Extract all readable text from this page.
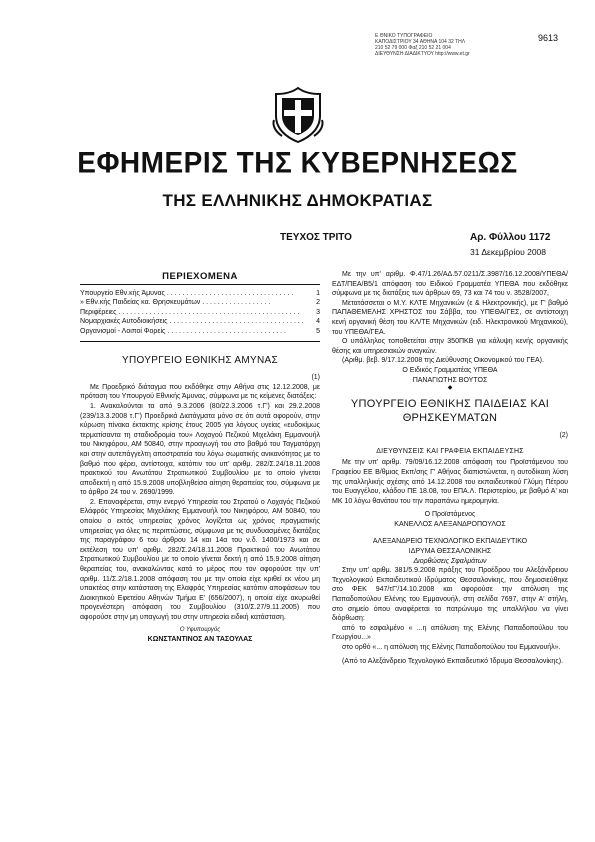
Ε ΘΝΙΚΟ ΤΥΠΟΓΡΑΦΕΙΟ ΚΑΠΟΔΙΣΤΡΙΟΥ 34 ΑΘΗΝΑ 104 32 ΤΗΛ 210 52 79 000 Φαξ 210 52 21 004 ΔΙΕΥΘΥΝΣΗ ΔΙΑΔΙΚΤΥΟΥ http://www.et.gr
9613
ΕΦΗΜΕΡΙΣ ΤΗΣ ΚΥΒΕΡΝΗΣΕΩΣ
ΤΗΣ ΕΛΛΗΝΙΚΗΣ ΔΗΜΟΚΡΑΤΙΑΣ
ΤΕΥΧΟΣ ΤΡΙΤΟ	Αρ. Φύλλου 1172
31 Δεκεμβρίου 2008
ΠΕΡΙΕΧΟΜΕΝΑ
Υπουργείο Εθν.κής Άμυνας . . . . . . . . . . . . . . . . . . . . . . . . . . . . . . . . .	1
» Εθν.κής Παιδείας κα. Θρησκευμάτων . . . . . . . . . . . . . . . . . .	2
Περιφέρειες . . . . . . . . . . . . . . . . . . . . . . . . . . . . . . . . . . . . . . . . . . . . . . .	3
Νομαρχιακές Αυτοδιοικήσεις . . . . . . . . . . . . . . . . . . . . . . . . . . . . . . . . . . .	4
Οργανισμοί - Λοιποί Φορείς . . . . . . . . . . . . . . . . . . . . . . . . . . . . . . .	5
ΥΠΟΥΡΓΕΙΟ ΕΘΝΙΚΗΣ ΑΜΥΝΑΣ
(1)

Με Προεδρικό διάταγμα που εκδόθηκε στην Αθήνα στις 12.12.2008, με πρόταση του Υπουργού Εθνικής Άμυνας, σύμφωνα με τις κείμενες διατάξεις:

1. Ανακαλούνται τα από 9.3.2006 (80/22.3.2006 τ.Γ') και 29.2.2008 (239/13.3.2008 τ.Γ') Προεδρικά Διατάγματα μόνο σε ότι αυτά αφορούν, στην κύρωση πίνακα έκτακτης κρίσης έτους 2005 για λόγους υγείας «ευδοκίμως τερματίσαντα τη σταδιοδρομία του» Λοχαγού Πεζικού Μιχελάκη Εμμανουήλ του Νικηφόρου, ΑΜ 50840, στην προαγωγή του στο βαθμό του Ταγματάρχη και στην αυτεπάγγελτη αποστρατεία του λόγω σωματικής ανικανότητας με το βαθμό που φέρει, αντίστοιχα, κατόπιν του υπ' αριθμ. 282/Σ.24/18.11.2008 πρακτικού του Ανωτάτου Στρατιωτικού Συμβουλίου με το οποίο γίνεται αποδεκτή η από 15.9.2008 υποβληθείσα αίτηση θεραπείας του, σύμφωνα με το άρθρο 24 του ν. 2690/1999.

2. Επαναφέρεται, στην ενεργό Υπηρεσία του Στρατού ο Λοχαγός Πεζικού Ελάφρός Υπηρεσίας Μιχελάκης Εμμανουήλ του Νικηφόρου, ΑΜ 50840, του οποίου ο εκτός υπηρεσίας χρόνος λογίζεται ως χρόνος πραγματικής υπηρεσίας για όλες τις περιπτώσεις, σύμφωνα με τις συνδυασμένες διατάξεις της παραγράφου 6 του άρθρου 14 και 14α του ν.δ. 1400/1973 και σε εκτέλεση του υπ' αριθμ. 282/Σ.24/18.11.2008 Πρακτικού του Ανωτάτου Στρατιωτικού Συμβουλίου με το οποίο γίνεται δεκτή η από 15.9.2008 αίτηση θεραπείας του, ανακαλώντας κατά το μέρος που τον αφορούσε την υπ' αριθμ. 11/Σ.2/18.1.2008 απόφαση του με την οποία είχε κριθεί εκ νέου μη υπακτέος στην κατάσταση της Ελαφράς Υπηρεσίας κατόπιν αποφάσεων του Διοικητικού Εφετείου Αθηνών Τμήμα Ε' (656/2007), η οποία είχε ακυρωθεί προγενέστερη απόφαση του Συμβουλίου (310/Σ.27/9.11.2005) που αφορούσε στην μη υπαγωγή του στην υπηρεσία ειδική κατάσταση.

Ο Υφυπουργός
ΚΩΝΣΤΑΝΤΙΝΟΣ ΑΝ ΤΑΣΟΥΛΑΣ

Με την υπ' αριθμ. Φ.47/1.26/ΑΔ.57.0211/Σ.3987/16.12.2008/ΥΠΕΘΑ/ΕΔΤ/ΠΕΑ/Β5/1 απόφαση του Ειδικού Γραμματέα ΥΠΕΘΑ που εκδόθηκε σύμφωνα με τις διατάξεις των άρθρων 69, 73 και 74 του ν. 3528/2007,

Μετατάσσεται ο Μ.Υ. ΚΛΤΕ Μηχανικών (ε & Ηλεκτρονικής), με Γ' βαθμό ΠΑΠΑΘΕΜΕΛΗΣ ΧΡΗΣΤΟΣ του Σάββα, του ΥΠΕΘΑ/ΓΕΣ, σε αντίστοιχη κενή οργανική θέση του ΚΛ/ΤΕ Μηχανικών (ειδ. Ηλεκτρονικού Μηχανικού), του ΥΠΕΘΑ/ΓΕΑ.

Ο υπάλληλος τοποθετείται στην 350ΠΚΒ για κάλυψη κενής οργανικής θέσης και υπηρεσιακών αναγκών.

(Αριθμ. βεβ. 9/17.12.2008 της Διεύθυνσης Οικονομικού του ΓΕΑ).

Ο Ειδικός Γραμματέας ΥΠΕΘΑ
ΠΑΝΑΓΙΩΤΗΣ ΒΟΥΤΟΣ
◆
ΥΠΟΥΡΓΕΙΟ ΕΘΝΙΚΗΣ ΠΑΙΔΕΙΑΣ ΚΑΙ ΘΡΗΣΚΕΥΜΑΤΩΝ
(2)
ΔΙΕΥΘΥΝΣΕΙΣ ΚΑΙ ΓΡΑΦΕΙΑ ΕΚΠΑΙΔΕΥΣΗΣ

Με την υπ' αριθμ. 79/09/16.12.2008 απόφαση του Προϊστάμενου του Γραφείου ΕΕ Β/θμιας Εκπ/σης Γ' Αθήνας διαπιστώνεται, η αυτοδίκαιη λύση της υπαλληλικής σχέσης από 14.12.2008 του εκπαιδευτικού Γλύμη Πέτρου του Ευαγγέλου, κλάδου ΠΕ 18.08, του ΕΠΑ.Λ. Περιστερίου, με βαθμό Α' και ΜΚ 10 λόγω θανάτου του την παραπάνω ημερομηνία.

Ο Προϊστάμενος
ΚΑΝΕΛΛΟΣ ΑΛΕΞΑΝΔΡΟΠΟΥΛΟΣ
ΑΛΕΞΑΝΔΡΕΙΟ ΤΕΧΝΟΛΟΓΙΚΟ ΕΚΠΑΙΔΕΥΤΙΚΟ
ΙΔΡΥΜΑ ΘΕΣΣΑΛΟΝΙΚΗΣ
Διορθώσεις Σφαλμάτων

Στην υπ' αριθμ. 381/5.9.2008 πράξης του Προέδρου του Αλεξάνδρειου Τεχνολογικού Εκπαιδευτικού Ιδρύματος Θεσσαλονίκης, που δημοσιεύθηκε στο ΦΕΚ 947/τΓ'/14.10.2008 και αφορούσε την απόλυση της Παπαδοπούλου Ελένης του Εμμανουήλ, στη σελίδα 7697, στην Α' στήλη, στο σημείο όπου αναφέρεται το πατρώνυμο της υπαλλήλου να γίνει διόρθωση:

από το εσφαλμένο « ...η απόλυση της Ελένης Παπαδοπούλου του Γεωργίου...»

στο ορθό «... η απόλυση της Ελένης Παπαδοπούλου του Εμμανουήλ».

(Από το Αλεξάνδρειο Τεχνολογικό Εκπαιδευτικό Ίδρυμα Θεσσαλονίκης).
